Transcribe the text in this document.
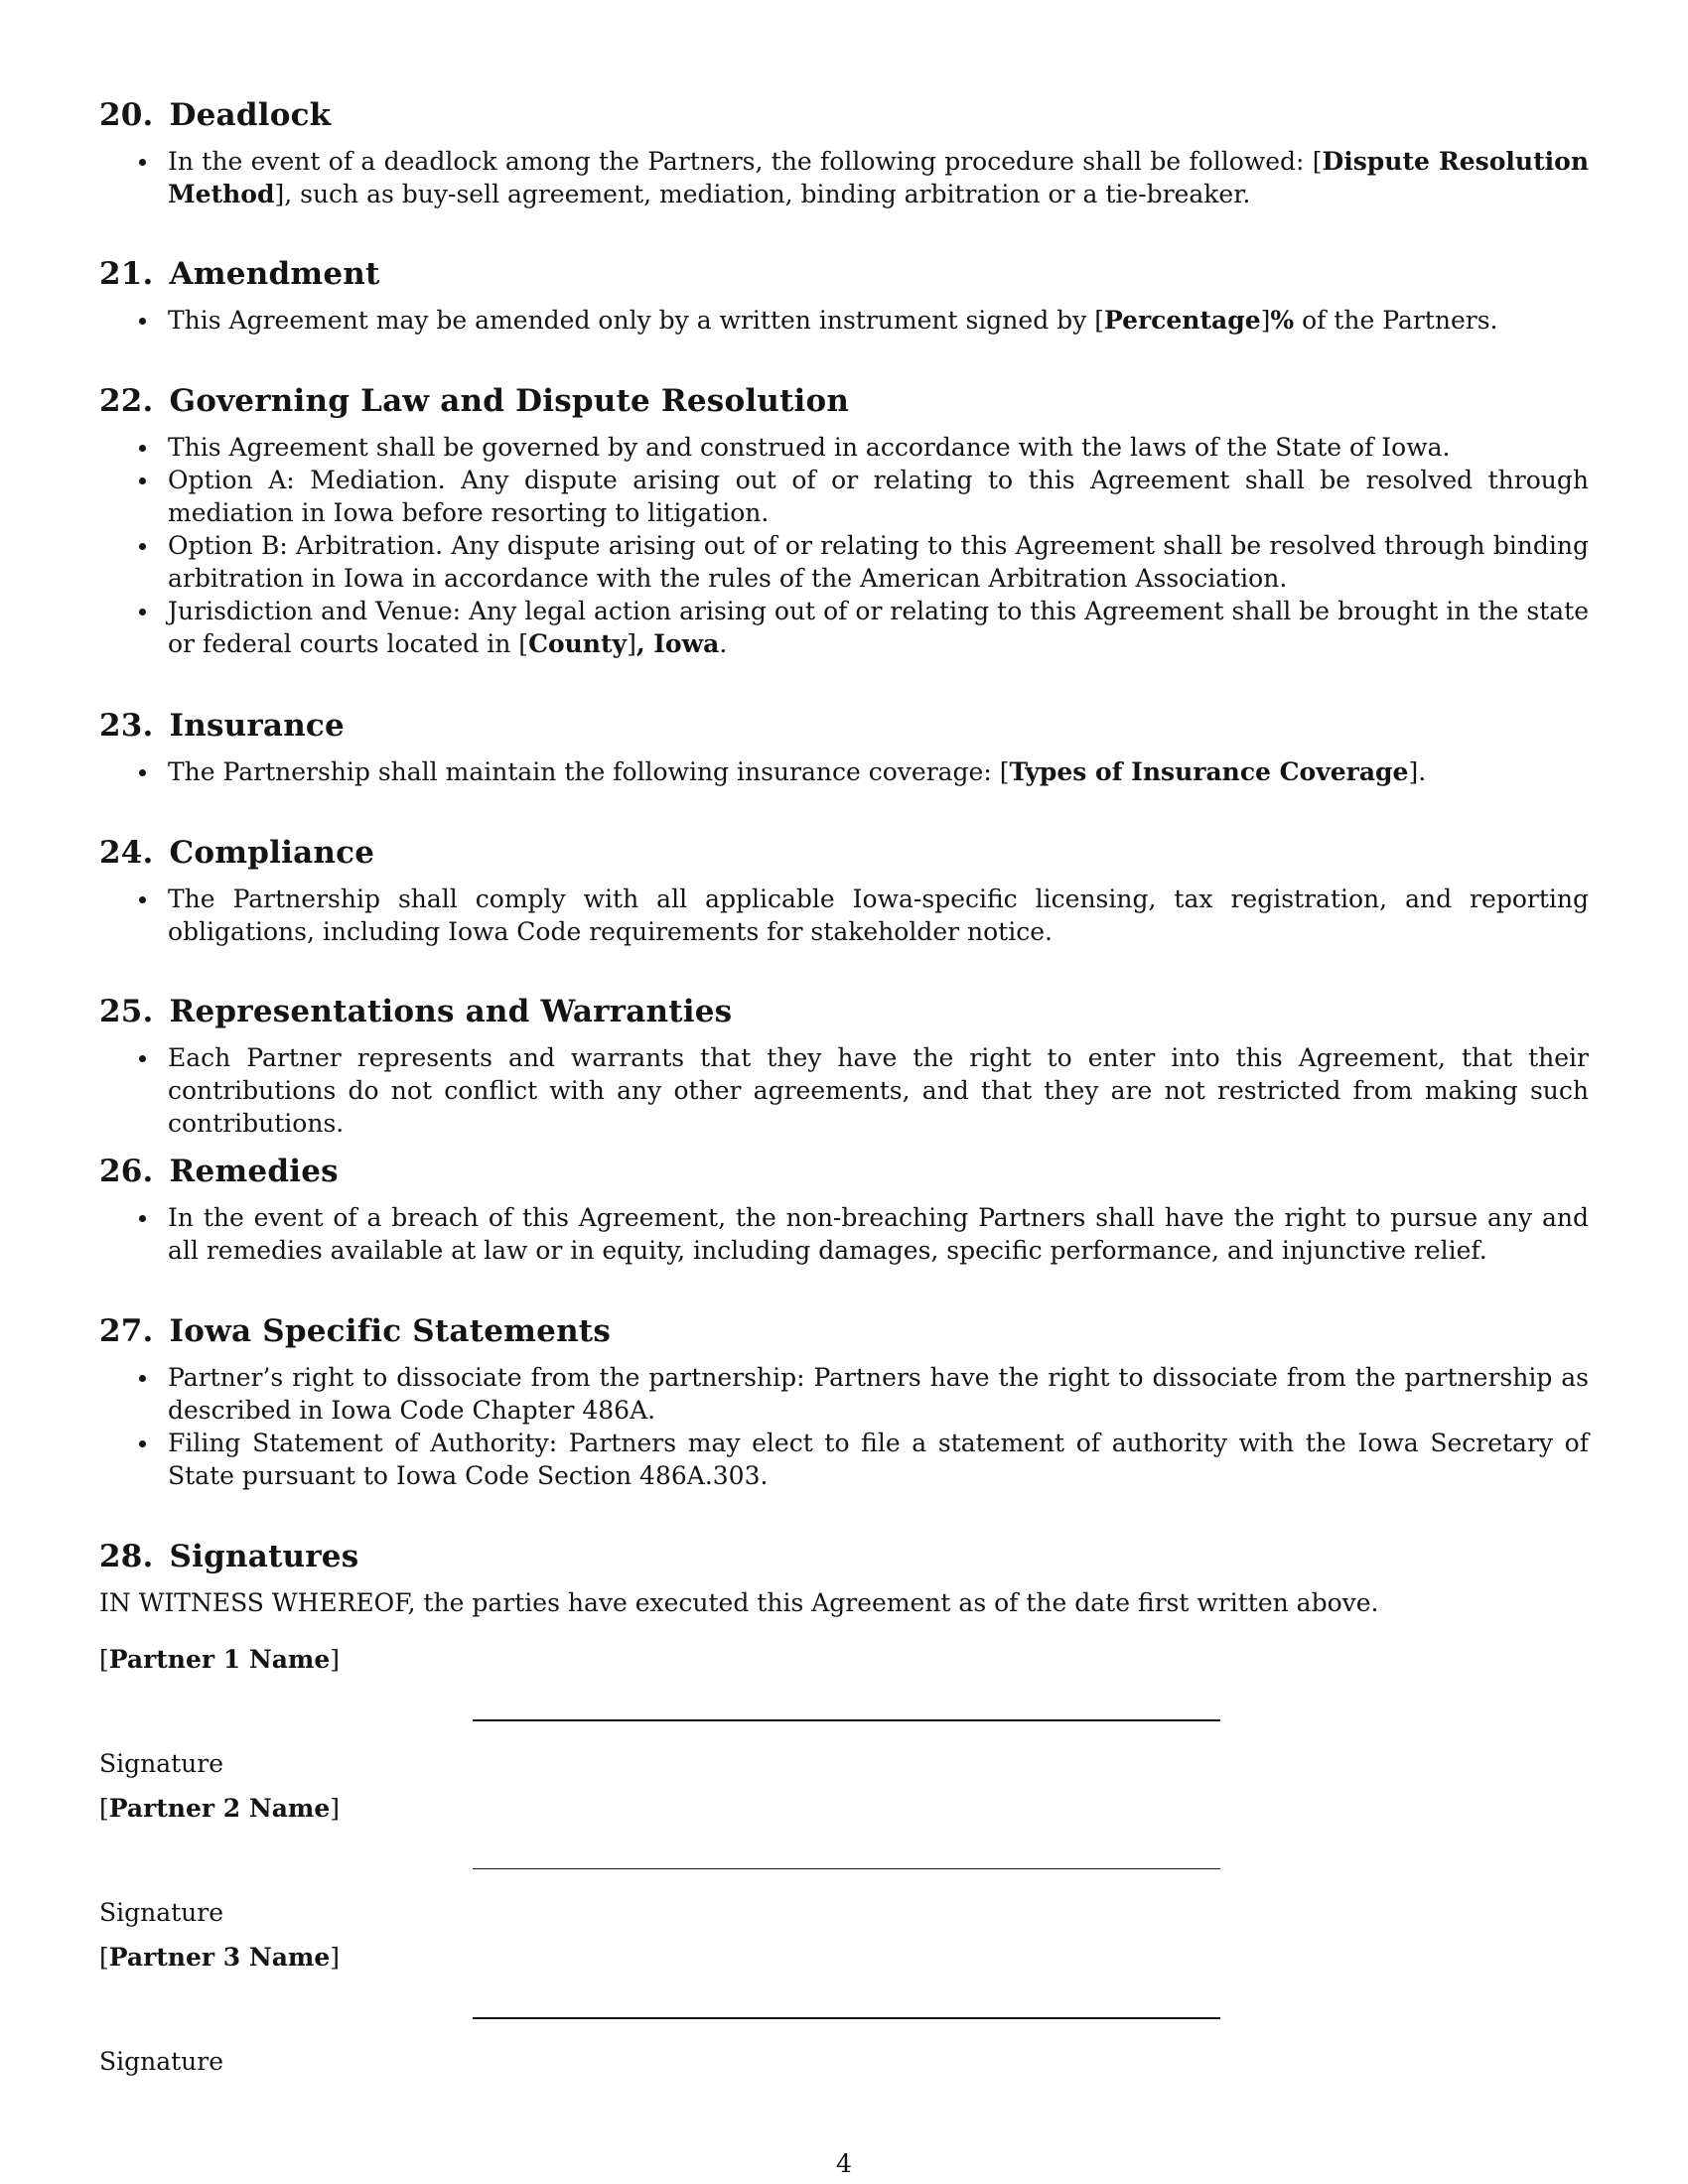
20. Deadlock
In the event of a deadlock among the Partners, the following procedure shall be followed: [Dispute Resolution Method], such as buy-sell agreement, mediation, binding arbitration or a tie-breaker.
21. Amendment
This Agreement may be amended only by a written instrument signed by [Percentage]% of the Partners.
22. Governing Law and Dispute Resolution
This Agreement shall be governed by and construed in accordance with the laws of the State of Iowa.
Option A: Mediation. Any dispute arising out of or relating to this Agreement shall be resolved through mediation in Iowa before resorting to litigation.
Option B: Arbitration. Any dispute arising out of or relating to this Agreement shall be resolved through binding arbitration in Iowa in accordance with the rules of the American Arbitration Association.
Jurisdiction and Venue: Any legal action arising out of or relating to this Agreement shall be brought in the state or federal courts located in [County], Iowa.
23. Insurance
The Partnership shall maintain the following insurance coverage: [Types of Insurance Coverage].
24. Compliance
The Partnership shall comply with all applicable Iowa-specific licensing, tax registration, and reporting obligations, including Iowa Code requirements for stakeholder notice.
25. Representations and Warranties
Each Partner represents and warrants that they have the right to enter into this Agreement, that their contributions do not conflict with any other agreements, and that they are not restricted from making such contributions.
26. Remedies
In the event of a breach of this Agreement, the non-breaching Partners shall have the right to pursue any and all remedies available at law or in equity, including damages, specific performance, and injunctive relief.
27. Iowa Specific Statements
Partner’s right to dissociate from the partnership: Partners have the right to dissociate from the partnership as described in Iowa Code Chapter 486A.
Filing Statement of Authority: Partners may elect to file a statement of authority with the Iowa Secretary of State pursuant to Iowa Code Section 486A.303.
28. Signatures
IN WITNESS WHEREOF, the parties have executed this Agreement as of the date first written above.
[Partner 1 Name]
Signature
[Partner 2 Name]
Signature
[Partner 3 Name]
Signature
4
